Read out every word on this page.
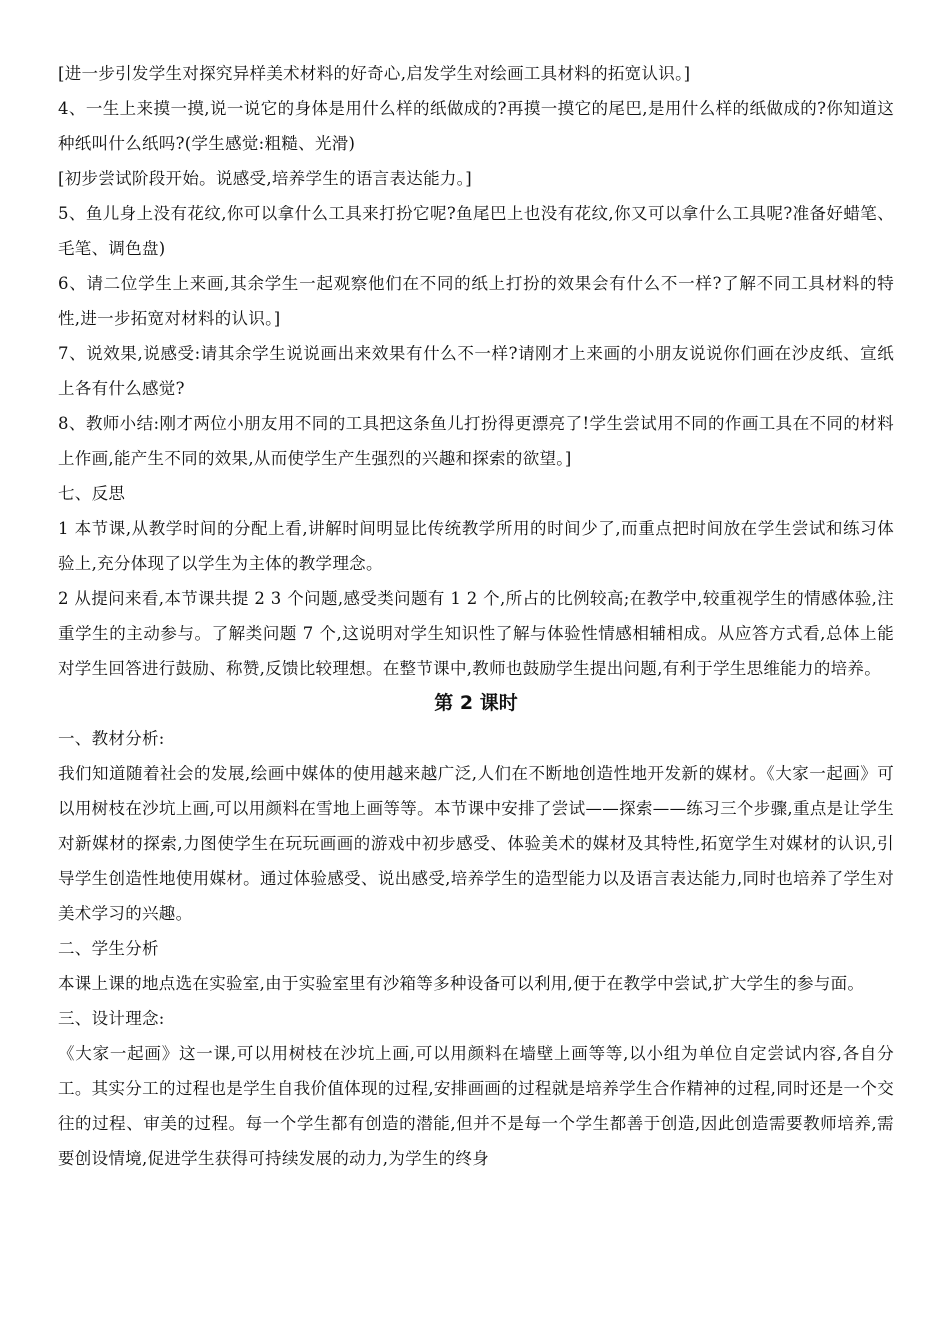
[进一步引发学生对探究异样美术材料的好奇心,启发学生对绘画工具材料的拓宽认识。]

4、一生上来摸一摸,说一说它的身体是用什么样的纸做成的?再摸一摸它的尾巴,是用什么样的纸做成的?你知道这种纸叫什么纸吗?(学生感觉:粗糙、光滑)

[初步尝试阶段开始。说感受,培养学生的语言表达能力。]

5、鱼儿身上没有花纹,你可以拿什么工具来打扮它呢?鱼尾巴上也没有花纹,你又可以拿什么工具呢?准备好蜡笔、毛笔、调色盘)

6、请二位学生上来画,其余学生一起观察他们在不同的纸上打扮的效果会有什么不一样?了解不同工具材料的特性,进一步拓宽对材料的认识。]

7、说效果,说感受:请其余学生说说画出来效果有什么不一样?请刚才上来画的小朋友说说你们画在沙皮纸、宣纸上各有什么感觉?

8、教师小结:刚才两位小朋友用不同的工具把这条鱼儿打扮得更漂亮了!学生尝试用不同的作画工具在不同的材料上作画,能产生不同的效果,从而使学生产生强烈的兴趣和探索的欲望。]

七、反思

1 本节课,从教学时间的分配上看,讲解时间明显比传统教学所用的时间少了,而重点把时间放在学生尝试和练习体验上,充分体现了以学生为主体的教学理念。

2 从提问来看,本节课共提 2 3 个问题,感受类问题有 1 2 个,所占的比例较高;在教学中,较重视学生的情感体验,注重学生的主动参与。了解类问题 7 个,这说明对学生知识性了解与体验性情感相辅相成。从应答方式看,总体上能对学生回答进行鼓励、称赞,反馈比较理想。在整节课中,教师也鼓励学生提出问题,有利于学生思维能力的培养。

第 2 课时

一、教材分析:

我们知道随着社会的发展,绘画中媒体的使用越来越广泛,人们在不断地创造性地开发新的媒材。《大家一起画》可以用树枝在沙坑上画,可以用颜料在雪地上画等等。本节课中安排了尝试——探索——练习三个步骤,重点是让学生对新媒材的探索,力图使学生在玩玩画画的游戏中初步感受、体验美术的媒材及其特性,拓宽学生对媒材的认识,引导学生创造性地使用媒材。通过体验感受、说出感受,培养学生的造型能力以及语言表达能力,同时也培养了学生对美术学习的兴趣。

二、学生分析

本课上课的地点选在实验室,由于实验室里有沙箱等多种设备可以利用,便于在教学中尝试,扩大学生的参与面。

三、设计理念:

《大家一起画》这一课,可以用树枝在沙坑上画,可以用颜料在墙壁上画等等,以小组为单位自定尝试内容,各自分工。其实分工的过程也是学生自我价值体现的过程,安排画画的过程就是培养学生合作精神的过程,同时还是一个交往的过程、审美的过程。每一个学生都有创造的潜能,但并不是每一个学生都善于创造,因此创造需要教师培养,需要创设情境,促进学生获得可持续发展的动力,为学生的终身
